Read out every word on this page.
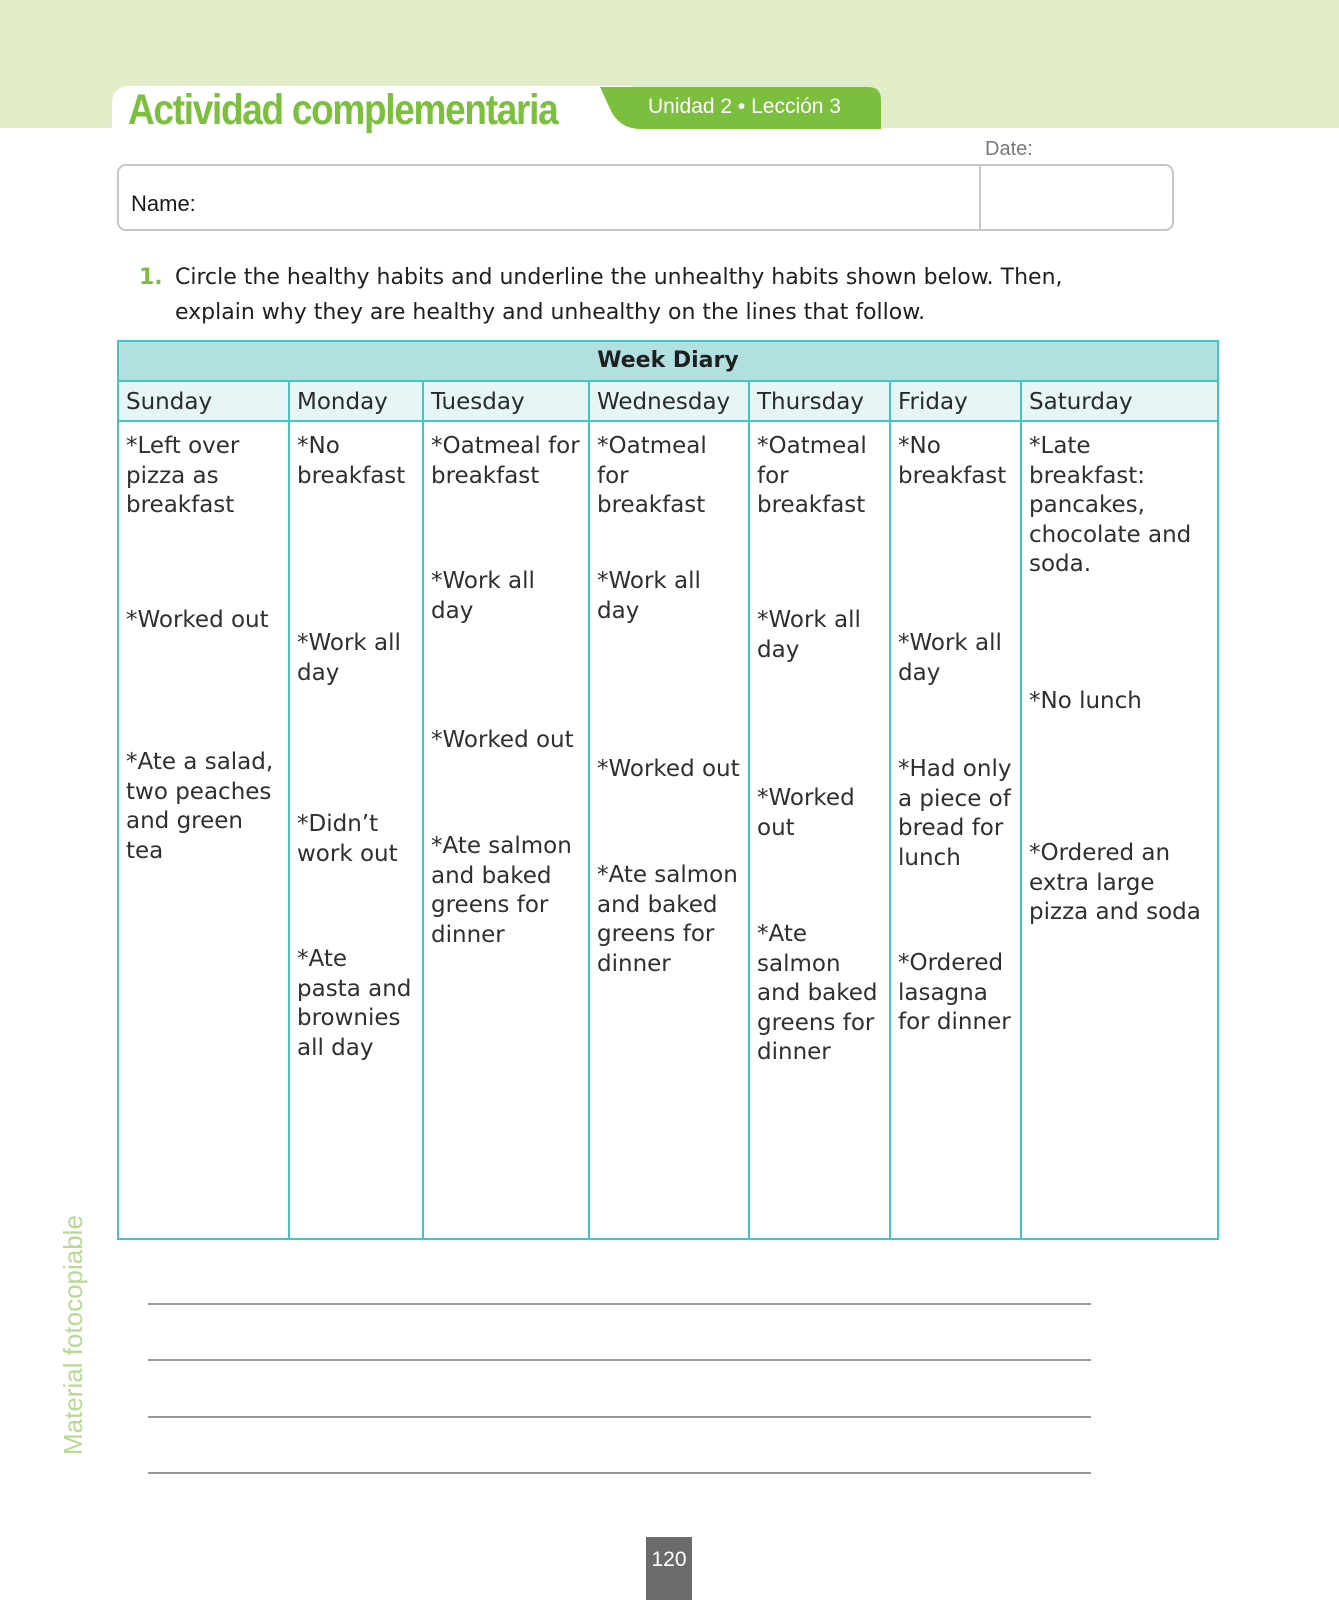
Actividad complementaria	Unidad 2 • Lección 3
Date:
Name:
1. Circle the healthy habits and underline the unhealthy habits shown below. Then, explain why they are healthy and unhealthy on the lines that follow.
Week Diary
Sunday
*Left over pizza as breakfast
*Worked out
*Ate a salad, two peaches and green tea
Monday
*No breakfast
*Work all day
*Didn’t work out
*Ate pasta and brownies all day
Tuesday
*Oatmeal for breakfast
*Work all day
*Worked out
*Ate salmon and baked greens for dinner
Wednesday
*Oatmeal for breakfast
*Work all day
*Worked out
*Ate salmon and baked greens for dinner
Thursday
*Oatmeal for breakfast
*Work all day
*Worked out
*Ate salmon and baked greens for dinner
Friday
*No breakfast
*Work all day
*Had only a piece of bread for lunch
*Ordered lasagna for dinner
Saturday
*Late breakfast: pancakes, chocolate and soda.
*No lunch
*Ordered an extra large pizza and soda
Material fotocopiable
120
